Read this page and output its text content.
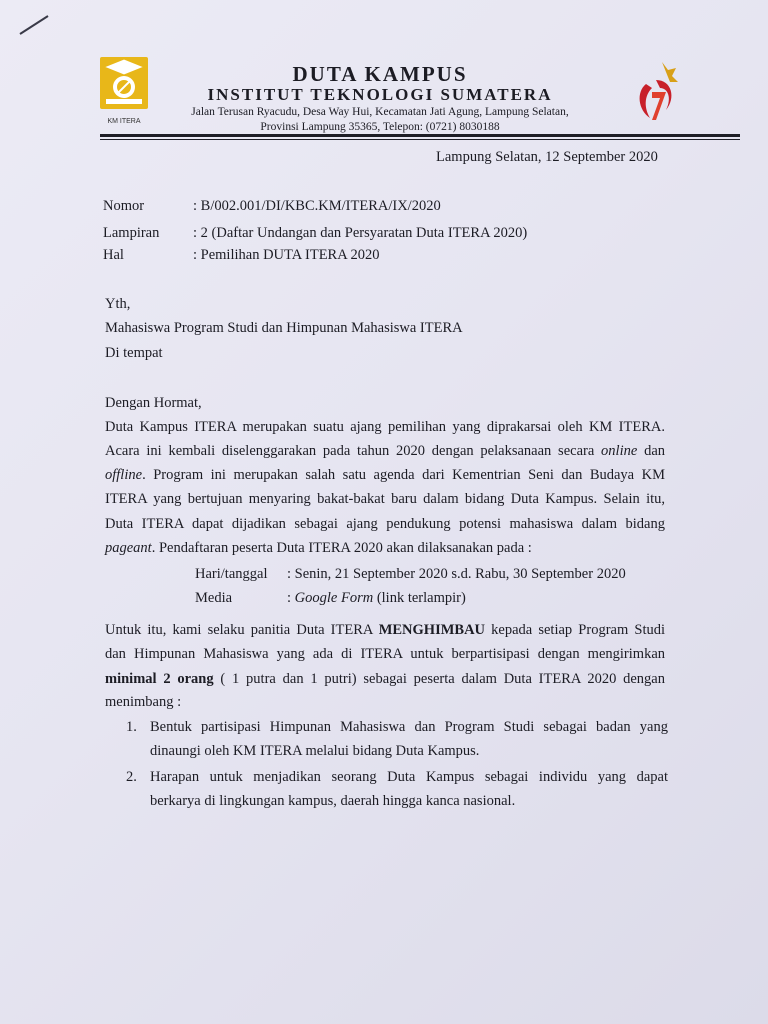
KM ITERA
DUTA KAMPUS
INSTITUT TEKNOLOGI SUMATERA
Jalan Terusan Ryacudu, Desa Way Hui, Kecamatan Jati Agung, Lampung Selatan,
Provinsi Lampung 35365, Telepon: (0721) 8030188
Lampung Selatan, 12 September 2020
Nomor	: B/002.001/DI/KBC.KM/ITERA/IX/2020
Lampiran : 2 (Daftar Undangan dan Persyaratan Duta ITERA 2020)
Hal	: Pemilihan DUTA ITERA 2020
Yth,
Mahasiswa Program Studi dan Himpunan Mahasiswa ITERA
Di tempat
Dengan Hormat,
Duta Kampus ITERA merupakan suatu ajang pemilihan yang diprakarsai oleh KM ITERA.
Acara ini kembali diselenggarakan pada tahun 2020 dengan pelaksanaan secara online dan
offline. Program ini merupakan salah satu agenda dari Kementrian Seni dan Budaya KM
ITERA yang bertujuan menyaring bakat-bakat baru dalam bidang Duta Kampus. Selain itu,
Duta ITERA dapat dijadikan sebagai ajang pendukung potensi mahasiswa dalam bidang
pageant. Pendaftaran peserta Duta ITERA 2020 akan dilaksanakan pada :
Hari/tanggal : Senin, 21 September 2020 s.d. Rabu, 30 September 2020
Media	: Google Form (link terlampir)
Untuk itu, kami selaku panitia Duta ITERA MENGHIMBAU kepada setiap Program Studi
dan Himpunan Mahasiswa yang ada di ITERA untuk berpartisipasi dengan mengirimkan
minimal 2 orang ( 1 putra dan 1 putri) sebagai peserta dalam Duta ITERA 2020 dengan
menimbang :
1. Bentuk partisipasi Himpunan Mahasiswa dan Program Studi sebagai badan yang
dinaungi oleh KM ITERA melalui bidang Duta Kampus.
2. Harapan untuk menjadikan seorang Duta Kampus sebagai individu yang dapat
berkarya di lingkungan kampus, daerah hingga kanca nasional.
